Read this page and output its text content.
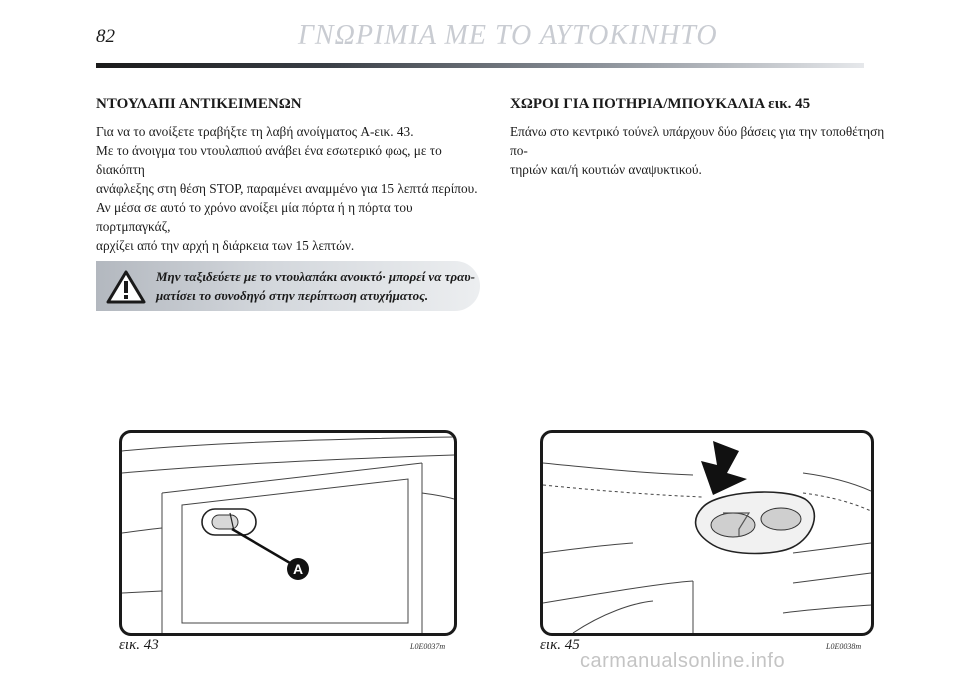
82	ΓΝΩΡΙΜΙΑ ΜΕ ΤΟ ΑΥΤΟΚΙΝΗΤΟ
ΝΤΟΥΛΑΠΙ ΑΝΤΙΚΕΙΜΕΝΩΝ
Για να το ανοίξετε τραβήξτε τη λαβή ανοίγματος A-εικ. 43.
Με το άνοιγμα του ντουλαπιού ανάβει ένα εσωτερικό φως, με το διακόπτη
ανάφλεξης στη θέση STOP, παραμένει αναμμένο για 15 λεπτά περίπου.
Αν μέσα σε αυτό το χρόνο ανοίξει μία πόρτα ή η πόρτα του πορτμπαγκάζ,
αρχίζει από την αρχή η διάρκεια των 15 λεπτών.
Μην ταξιδεύετε με το ντουλαπάκι ανοικτό· μπορεί να τραυ-
ματίσει το συνοδηγό στην περίπτωση ατυχήματος.
ΧΩΡΟΙ ΓΙΑ ΠΟΤΗΡΙΑ/ΜΠΟΥΚΑΛΙΑ εικ. 45
Επάνω στο κεντρικό τούνελ υπάρχουν δύο βάσεις για την τοποθέτηση πο-
τηριών και/ή κουτιών αναψυκτικού.
A
εικ. 43	L0E0037m	εικ. 45	L0E0038m
carmanualsonline.info
